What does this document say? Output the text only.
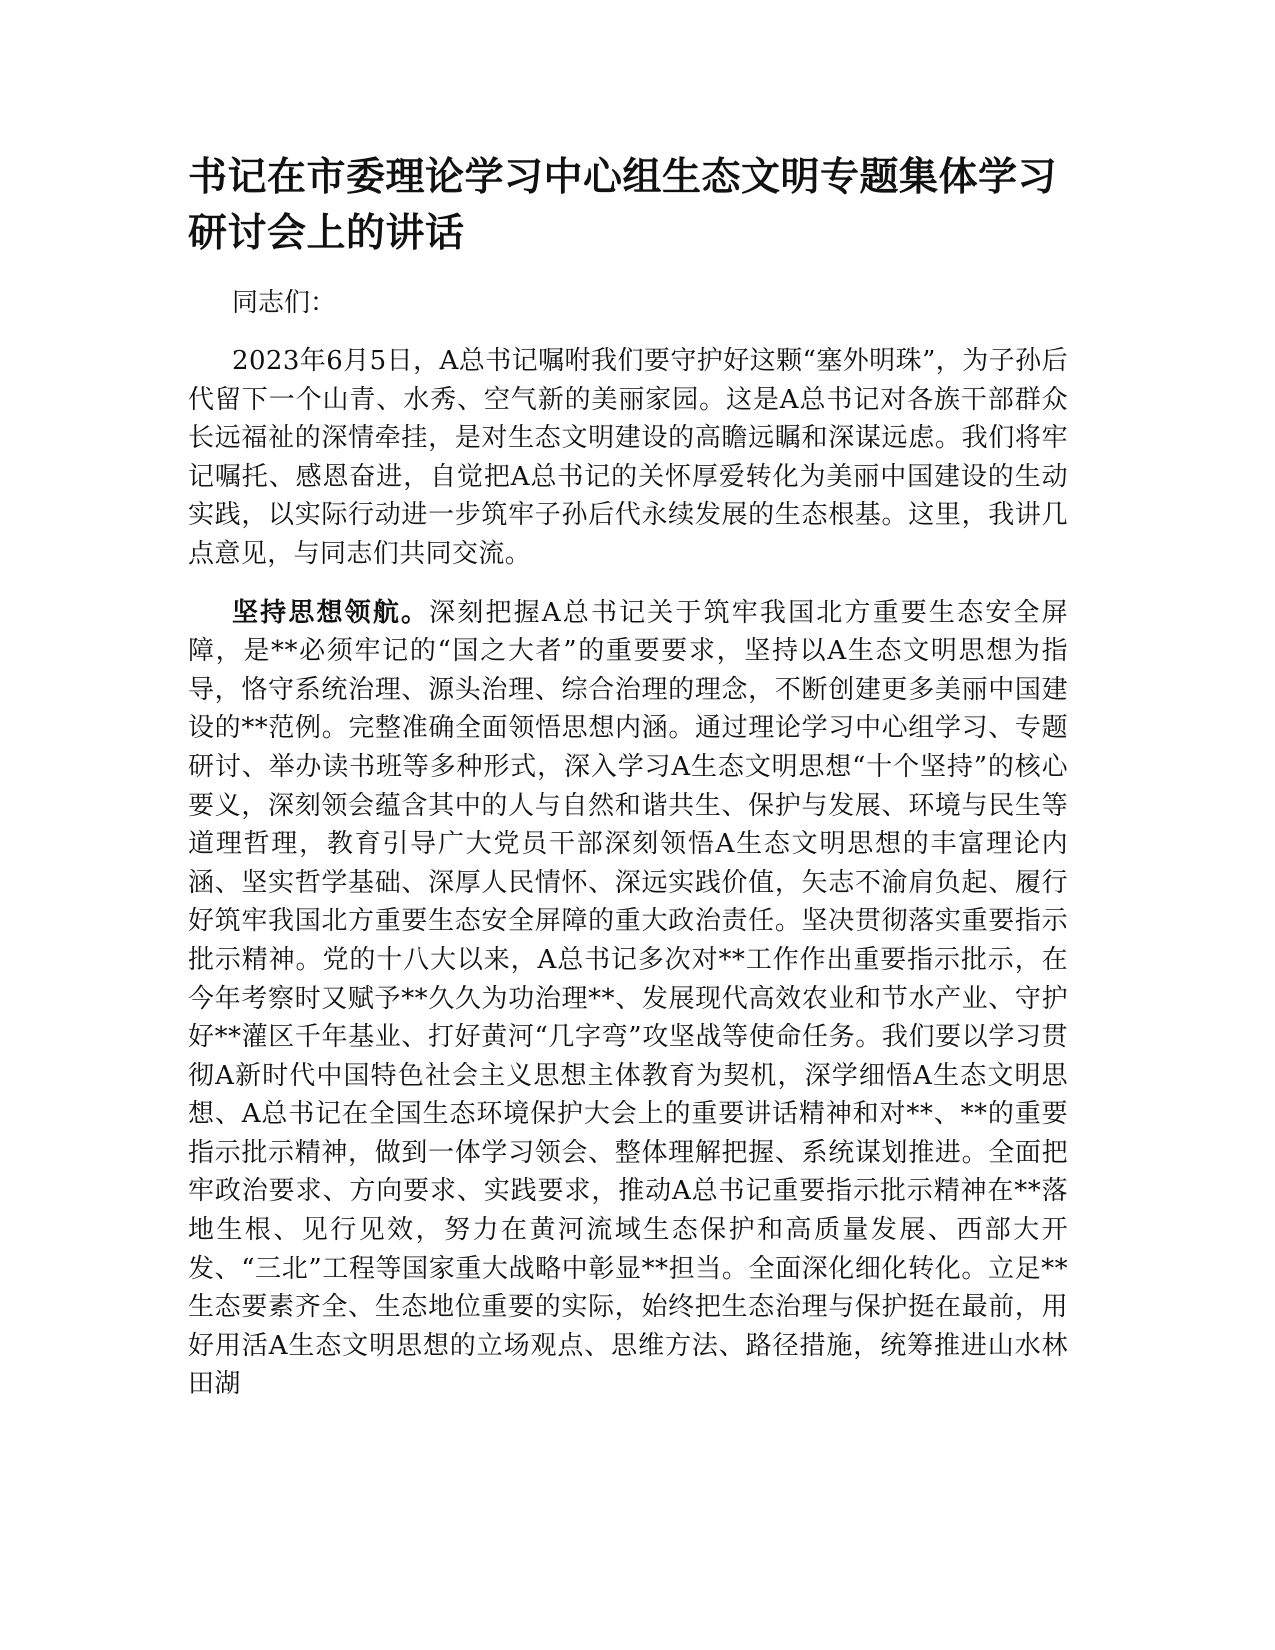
书记在市委理论学习中心组生态文明专题集体学习研讨会上的讲话

同志们：

2023年6月5日，A总书记嘱咐我们要守护好这颗“塞外明珠”，为子孙后代留下一个山青、水秀、空气新的美丽家园。这是A总书记对各族干部群众长远福祉的深情牵挂，是对生态文明建设的高瞻远瞩和深谋远虑。我们将牢记嘱托、感恩奋进，自觉把A总书记的关怀厚爱转化为美丽中国建设的生动实践，以实际行动进一步筑牢子孙后代永续发展的生态根基。这里，我讲几点意见，与同志们共同交流。

坚持思想领航。深刻把握A总书记关于筑牢我国北方重要生态安全屏障，是**必须牢记的“国之大者”的重要要求，坚持以A生态文明思想为指导，恪守系统治理、源头治理、综合治理的理念，不断创建更多美丽中国建设的**范例。完整准确全面领悟思想内涵。通过理论学习中心组学习、专题研讨、举办读书班等多种形式，深入学习A生态文明思想“十个坚持”的核心要义，深刻领会蕴含其中的人与自然和谐共生、保护与发展、环境与民生等道理哲理，教育引导广大党员干部深刻领悟A生态文明思想的丰富理论内涵、坚实哲学基础、深厚人民情怀、深远实践价值，矢志不渝肩负起、履行好筑牢我国北方重要生态安全屏障的重大政治责任。坚决贯彻落实重要指示批示精神。党的十八大以来，A总书记多次对**工作作出重要指示批示，在今年考察时又赋予**久久为功治理**、发展现代高效农业和节水产业、守护好**灌区千年基业、打好黄河“几字弯”攻坚战等使命任务。我们要以学习贯彻A新时代中国特色社会主义思想主体教育为契机，深学细悟A生态文明思想、A总书记在全国生态环境保护大会上的重要讲话精神和对**、**的重要指示批示精神，做到一体学习领会、整体理解把握、系统谋划推进。全面把牢政治要求、方向要求、实践要求，推动A总书记重要指示批示精神在**落地生根、见行见效，努力在黄河流域生态保护和高质量发展、西部大开发、“三北”工程等国家重大战略中彰显**担当。全面深化细化转化。立足**生态要素齐全、生态地位重要的实际，始终把生态治理与保护挺在最前，用好用活A生态文明思想的立场观点、思维方法、路径措施，统筹推进山水林田湖
